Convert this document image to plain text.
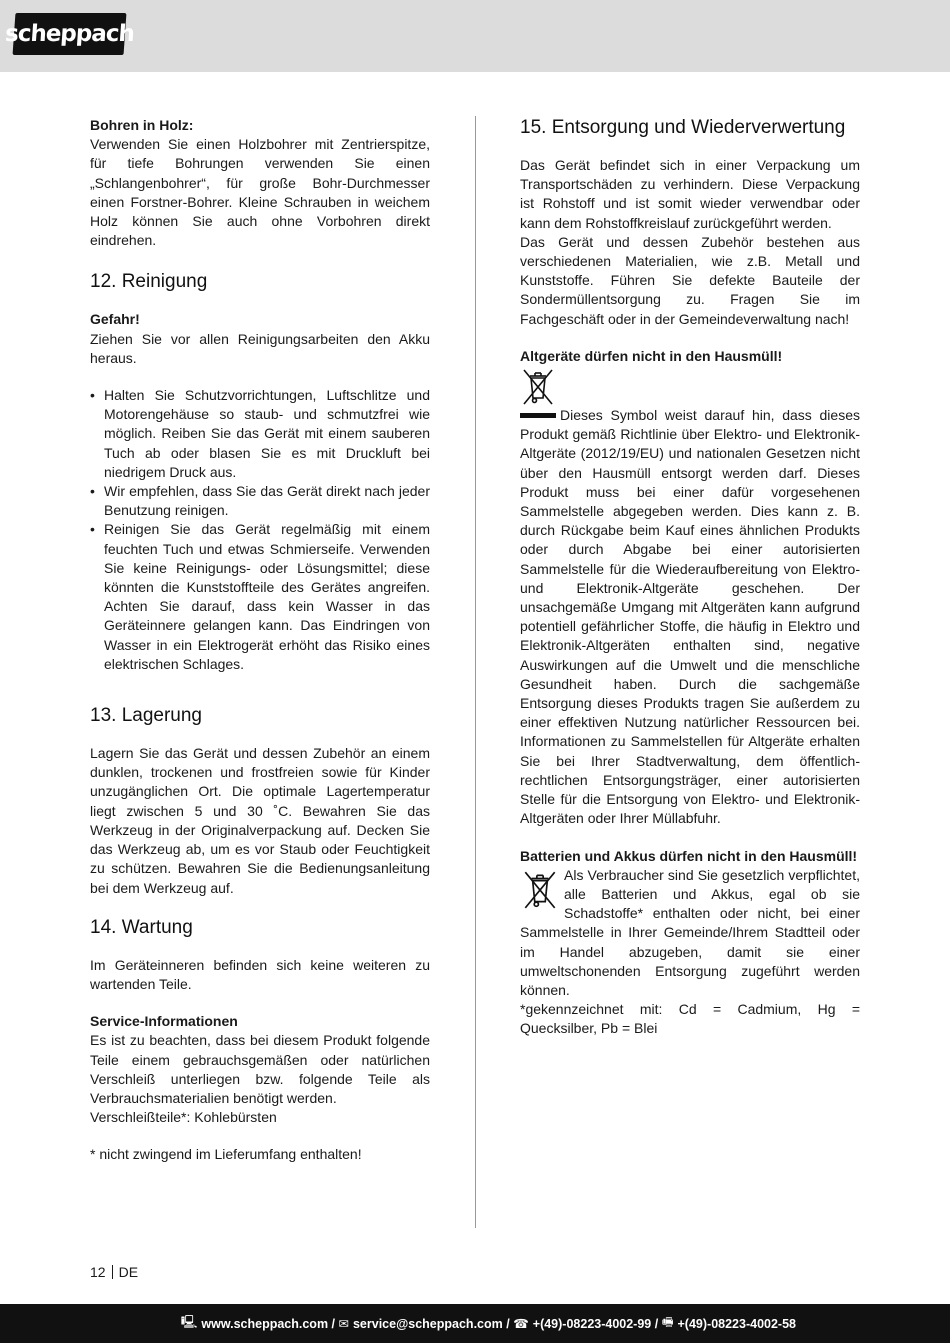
scheppach

Bohren in Holz:

Verwenden Sie einen Holzbohrer mit Zentrierspitze, für tiefe Bohrungen verwenden Sie einen „Schlangenbohrer“, für große Bohr-Durchmesser einen Forstner-Bohrer. Kleine Schrauben in weichem Holz können Sie auch ohne Vorbohren direkt eindrehen.

12. Reinigung

Gefahr!

Ziehen Sie vor allen Reinigungsarbeiten den Akku heraus.

• Halten Sie Schutzvorrichtungen, Luftschlitze und Motorengehäuse so staub- und schmutzfrei wie möglich. Reiben Sie das Gerät mit einem sauberen Tuch ab oder blasen Sie es mit Druckluft bei niedrigem Druck aus.
• Wir empfehlen, dass Sie das Gerät direkt nach jeder Benutzung reinigen.
• Reinigen Sie das Gerät regelmäßig mit einem feuchten Tuch und etwas Schmierseife. Verwenden Sie keine Reinigungs- oder Lösungsmittel; diese könnten die Kunststoffteile des Gerätes angreifen. Achten Sie darauf, dass kein Wasser in das Geräteinnere gelangen kann. Das Eindringen von Wasser in ein Elektrogerät erhöht das Risiko eines elektrischen Schlages.
13. Lagerung

Lagern Sie das Gerät und dessen Zubehör an einem dunklen, trockenen und frostfreien sowie für Kinder unzugänglichen Ort. Die optimale Lagertemperatur liegt zwischen 5 und 30 ˚C. Bewahren Sie das Werkzeug in der Originalverpackung auf. Decken Sie das Werkzeug ab, um es vor Staub oder Feuchtigkeit zu schützen. Bewahren Sie die Bedienungsanleitung bei dem Werkzeug auf.

14. Wartung

Im Geräteinneren befinden sich keine weiteren zu wartenden Teile.

Service-Informationen

Es ist zu beachten, dass bei diesem Produkt folgende Teile einem gebrauchsgemäßen oder natürlichen Verschleiß unterliegen bzw. folgende Teile als Verbrauchsmaterialien benötigt werden.

Verschleißteile*: Kohlebürsten

* nicht zwingend im Lieferumfang enthalten!

15. Entsorgung und Wiederverwertung

Das Gerät befindet sich in einer Verpackung um Transportschäden zu verhindern. Diese Verpackung ist Rohstoff und ist somit wieder verwendbar oder kann dem Rohstoffkreislauf zurückgeführt werden.

Das Gerät und dessen Zubehör bestehen aus verschiedenen Materialien, wie z.B. Metall und Kunststoffe. Führen Sie defekte Bauteile der Sondermüllentsorgung zu. Fragen Sie im Fachgeschäft oder in der Gemeindeverwaltung nach!

Altgeräte dürfen nicht in den Hausmüll!

Dieses Symbol weist darauf hin, dass dieses Produkt gemäß Richtlinie über Elektro- und Elektronik-Altgeräte (2012/19/EU) und nationalen Gesetzen nicht über den Hausmüll entsorgt werden darf. Dieses Produkt muss bei einer dafür vorgesehenen Sammelstelle abgegeben werden. Dies kann z. B. durch Rückgabe beim Kauf eines ähnlichen Produkts oder durch Abgabe bei einer autorisierten Sammelstelle für die Wiederaufbereitung von Elektro- und Elektronik-Altgeräte geschehen. Der unsachgemäße Umgang mit Altgeräten kann aufgrund potentiell gefährlicher Stoffe, die häufig in Elektro und Elektronik-Altgeräten enthalten sind, negative Auswirkungen auf die Umwelt und die menschliche Gesundheit haben. Durch die sachgemäße Entsorgung dieses Produkts tragen Sie außerdem zu einer effektiven Nutzung natürlicher Ressourcen bei. Informationen zu Sammelstellen für Altgeräte erhalten Sie bei Ihrer Stadtverwaltung, dem öffentlich-rechtlichen Entsorgungsträger, einer autorisierten Stelle für die Entsorgung von Elektro- und Elektronik-Altgeräten oder Ihrer Müllabfuhr.

Batterien und Akkus dürfen nicht in den Hausmüll!

Als Verbraucher sind Sie gesetzlich verpflichtet, alle Batterien und Akkus, egal ob sie Schadstoffe* enthalten oder nicht, bei einer Sammelstelle in Ihrer Gemeinde/Ihrem Stadtteil oder im Handel abzugeben, damit sie einer umweltschonenden Entsorgung zugeführt werden können.

*gekennzeichnet mit: Cd = Cadmium, Hg = Quecksilber, Pb = Blei

12 DE
🖳︎ www.scheppach.com /
✉︎ service@scheppach.com /
☎︎ +(49)-08223-4002-99 /
🖷︎ +(49)-08223-4002-58
